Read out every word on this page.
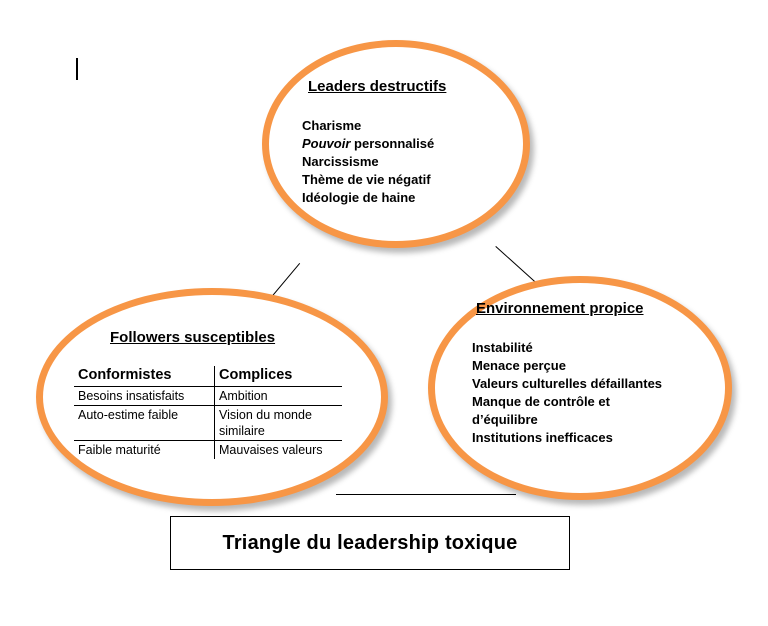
Leaders destructifs
Charisme
Pouvoir personnalisé
Narcissisme
Thème de vie négatif
Idéologie de haine
Followers susceptibles
Conformistes	Complices
Besoins insatisfaits	Ambition
Auto-estime faible	Vision du monde similaire
Faible maturité	Mauvaises valeurs
Environnement propice
Instabilité
Menace perçue
Valeurs culturelles défaillantes
Manque de contrôle et d’équilibre
Institutions inefficaces
Triangle du leadership toxique
